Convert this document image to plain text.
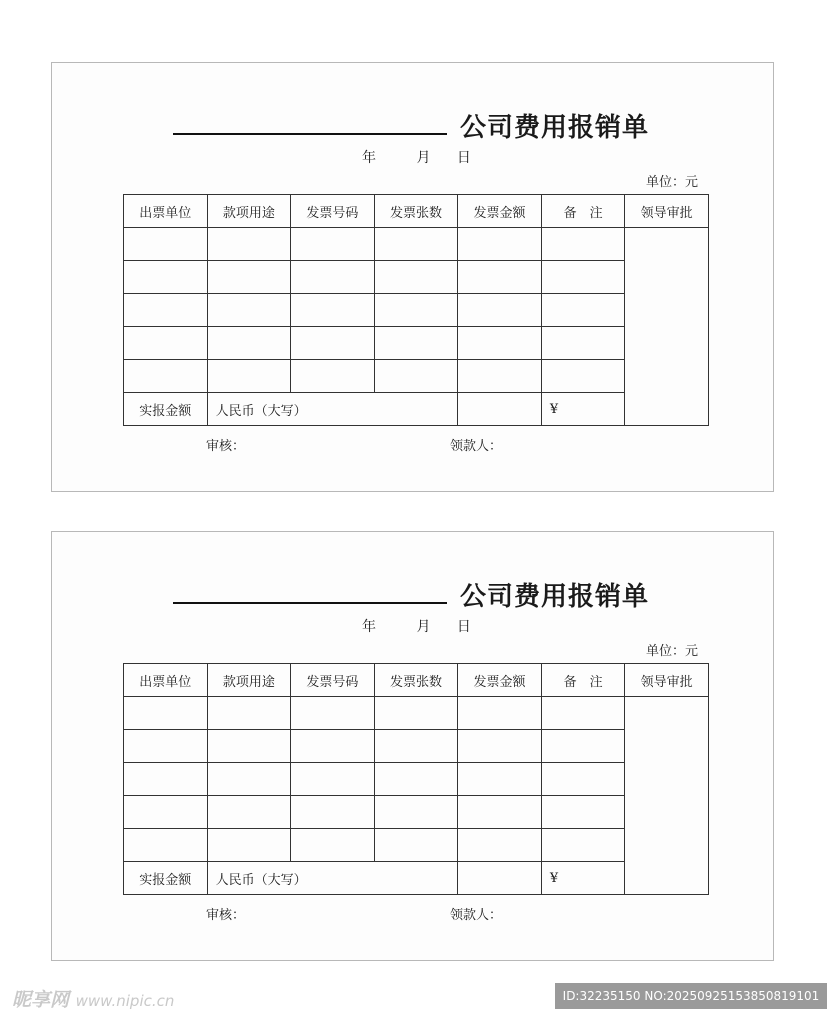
公司费用报销单
年	月 日
单位：元
出票单位	款项用途	发票号码	发票张数	发票金额	备　注	领导审批

实报金额	人民币（大写）				¥	
审核：	领款人：
公司费用报销单
年	月 日
单位：元
出票单位	款项用途	发票号码	发票张数	发票金额	备　注	领导审批

实报金额	人民币（大写）				¥	
审核：	领款人：
昵享网 www.nipic.cn	ID:32235150 NO:20250925153850819101
